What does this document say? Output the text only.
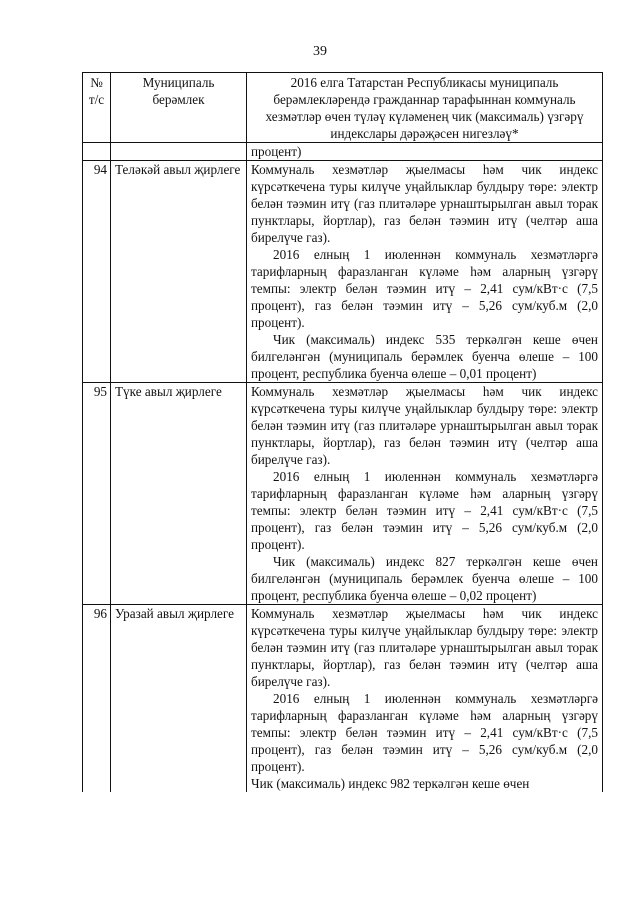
39
№ т/с	Муниципаль берәмлек	2016 елга Татарстан Республикасы муниципаль берәмлекләрендә гражданнар тарафыннан коммуналь хезмәтләр өчен түләү күләменең чик (максималь) үзгәрү индекслары дәрәҗәсен нигезләү*
		процент)
94	Теләкәй авыл җирлеге	Коммуналь хезмәтләр җыелмасы һәм чик индекс күрсәткечена туры килүче уңайлыклар булдыру төре: электр белән тәэмин итү (газ плитәләре урнаштырылган авыл торак пунктлары, йортлар), газ белән тәэмин итү (челтәр аша бирелүче газ).
2016 елның 1 июленнән коммуналь хезмәтләргә тарифларның фаразланган күләме һәм аларның үзгәрү темпы: электр белән тәэмин итү – 2,41 сум/кВт·с (7,5 процент), газ белән тәэмин итү – 5,26 сум/куб.м (2,0 процент).
Чик (максималь) индекс 535 теркәлгән кеше өчен билгеләнгән (муниципаль берәмлек буенча өлеше – 100 процент, республика буенча өлеше – 0,01 процент)

95	Түке авыл җирлеге	Коммуналь хезмәтләр җыелмасы һәм чик индекс күрсәткечена туры килүче уңайлыклар булдыру төре: электр белән тәэмин итү (газ плитәләре урнаштырылган авыл торак пунктлары, йортлар), газ белән тәэмин итү (челтәр аша бирелүче газ).
2016 елның 1 июленнән коммуналь хезмәтләргә тарифларның фаразланган күләме һәм аларның үзгәрү темпы: электр белән тәэмин итү – 2,41 сум/кВт·с (7,5 процент), газ белән тәэмин итү – 5,26 сум/куб.м (2,0 процент).
Чик (максималь) индекс 827 теркәлгән кеше өчен билгеләнгән (муниципаль берәмлек буенча өлеше – 100 процент, республика буенча өлеше – 0,02 процент)

96	Уразай авыл җирлеге	Коммуналь хезмәтләр җыелмасы һәм чик индекс күрсәткечена туры килүче уңайлыклар булдыру төре: электр белән тәэмин итү (газ плитәләре урнаштырылган авыл торак пунктлары, йортлар), газ белән тәэмин итү (челтәр аша бирелүче газ).
2016 елның 1 июленнән коммуналь хезмәтләргә тарифларның фаразланган күләме һәм аларның үзгәрү темпы: электр белән тәэмин итү – 2,41 сум/кВт·с (7,5 процент), газ белән тәэмин итү – 5,26 сум/куб.м (2,0 процент).
Чик (максималь) индекс 982 теркәлгән кеше өчен
